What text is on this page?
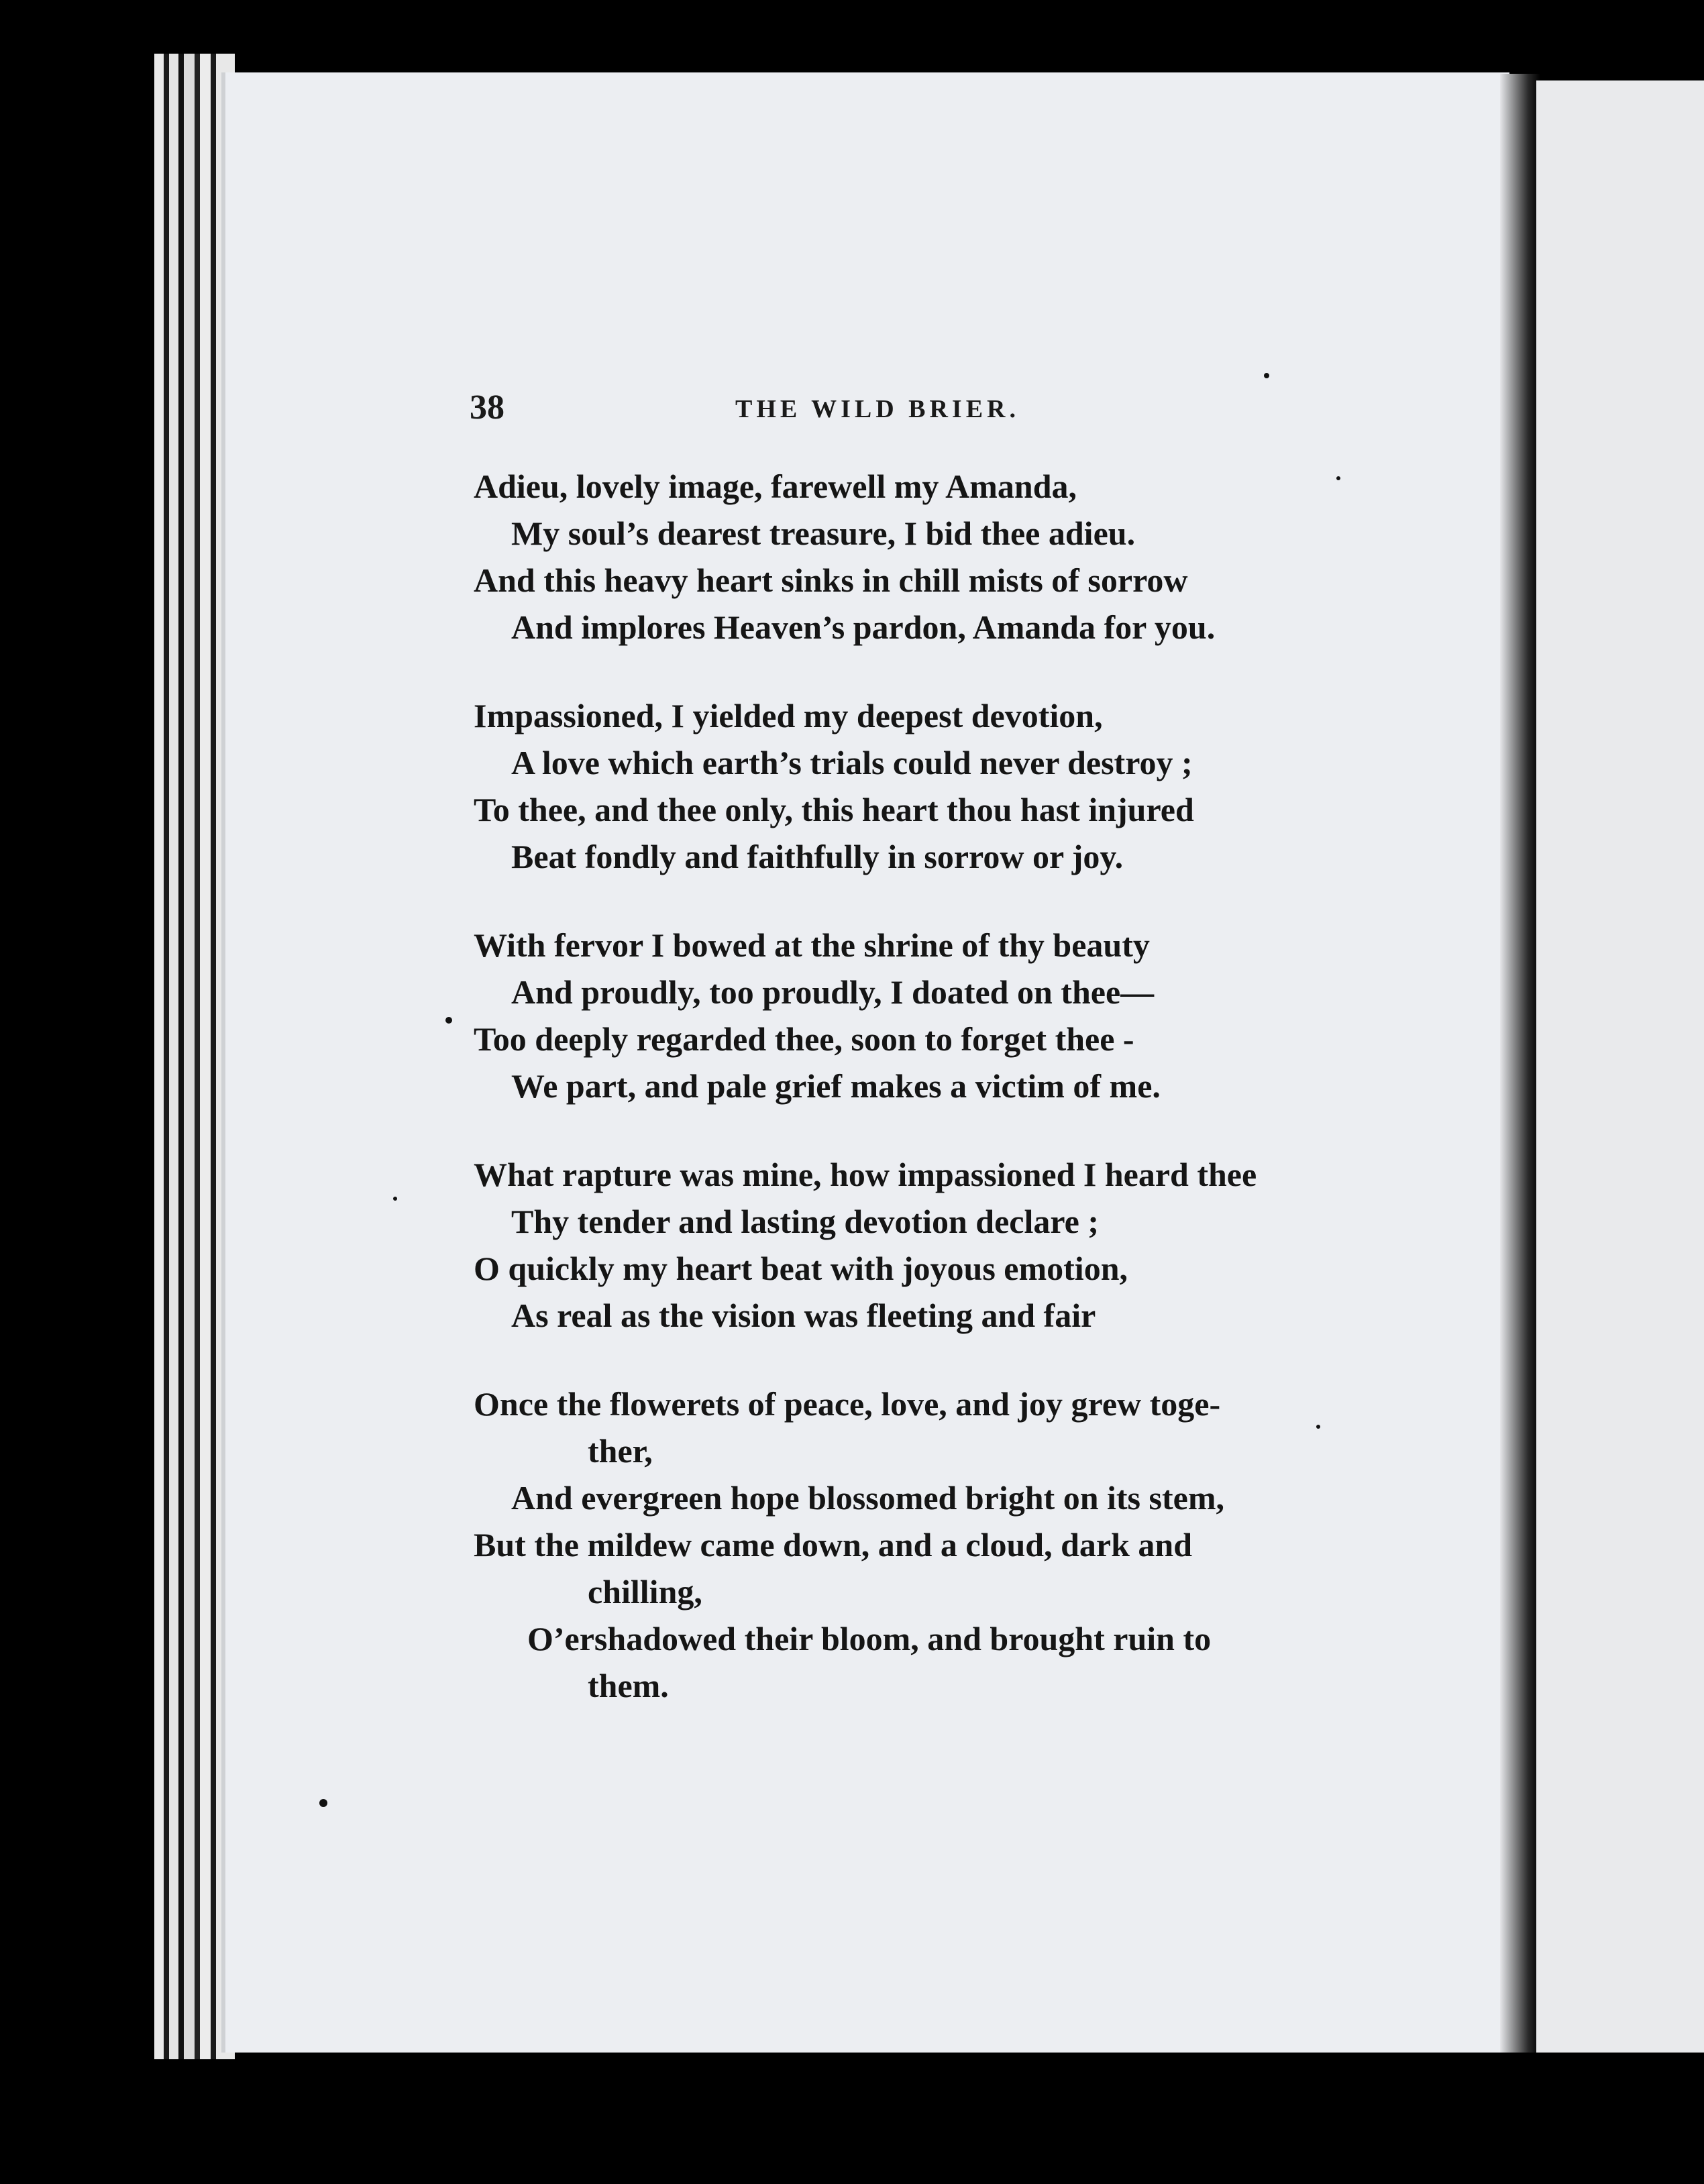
38	THE WILD BRIER.
Adieu, lovely image, farewell my Amanda,
My soul’s dearest treasure, I bid thee adieu.
And this heavy heart sinks in chill mists of sorrow
And implores Heaven’s pardon, Amanda for you.
Impassioned, I yielded my deepest devotion,
A love which earth’s trials could never destroy ;
To thee, and thee only, this heart thou hast injured
Beat fondly and faithfully in sorrow or joy.
With fervor I bowed at the shrine of thy beauty
And proudly, too proudly, I doated on thee—
Too deeply regarded thee, soon to forget thee -
We part, and pale grief makes a victim of me.
What rapture was mine, how impassioned I heard thee
Thy tender and lasting devotion declare ;
O quickly my heart beat with joyous emotion,
As real as the vision was fleeting and fair
Once the flowerets of peace, love, and joy grew toge-
ther,
And evergreen hope blossomed bright on its stem,
But the mildew came down, and a cloud, dark and
chilling,
O’ershadowed their bloom, and brought ruin to
them.
